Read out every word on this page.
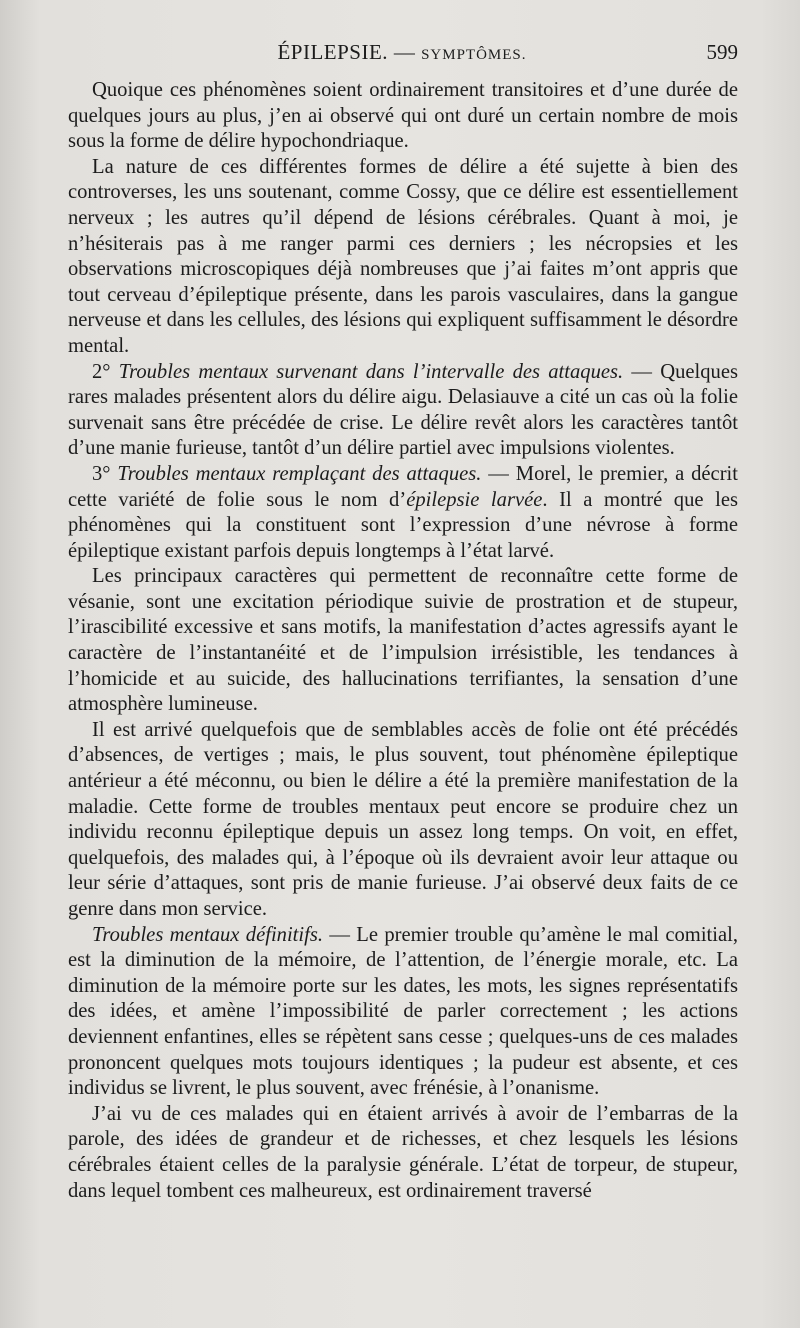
ÉPILEPSIE. — SYMPTÔMES.	599

Quoique ces phénomènes soient ordinairement transitoires et d’une durée de quelques jours au plus, j’en ai observé qui ont duré un certain nombre de mois sous la forme de délire hypochondriaque.

La nature de ces différentes formes de délire a été sujette à bien des controverses, les uns soutenant, comme Cossy, que ce délire est essentiellement nerveux ; les autres qu’il dépend de lésions cérébrales. Quant à moi, je n’hésiterais pas à me ranger parmi ces derniers ; les nécropsies et les observations microscopiques déjà nombreuses que j’ai faites m’ont appris que tout cerveau d’épileptique présente, dans les parois vasculaires, dans la gangue nerveuse et dans les cellules, des lésions qui expliquent suffisamment le désordre mental.

2° Troubles mentaux survenant dans l’intervalle des attaques. — Quelques rares malades présentent alors du délire aigu. Delasiauve a cité un cas où la folie survenait sans être précédée de crise. Le délire revêt alors les caractères tantôt d’une manie furieuse, tantôt d’un délire partiel avec impulsions violentes.

3° Troubles mentaux remplaçant des attaques. — Morel, le premier, a décrit cette variété de folie sous le nom d’épilepsie larvée. Il a montré que les phénomènes qui la constituent sont l’expression d’une névrose à forme épileptique existant parfois depuis longtemps à l’état larvé.

Les principaux caractères qui permettent de reconnaître cette forme de vésanie, sont une excitation périodique suivie de prostration et de stupeur, l’irascibilité excessive et sans motifs, la manifestation d’actes agressifs ayant le caractère de l’instantanéité et de l’impulsion irrésistible, les tendances à l’homicide et au suicide, des hallucinations terrifiantes, la sensation d’une atmosphère lumineuse.

Il est arrivé quelquefois que de semblables accès de folie ont été précédés d’absences, de vertiges ; mais, le plus souvent, tout phénomène épileptique antérieur a été méconnu, ou bien le délire a été la première manifestation de la maladie. Cette forme de troubles mentaux peut encore se produire chez un individu reconnu épileptique depuis un assez long temps. On voit, en effet, quelquefois, des malades qui, à l’époque où ils devraient avoir leur attaque ou leur série d’attaques, sont pris de manie furieuse. J’ai observé deux faits de ce genre dans mon service.

Troubles mentaux définitifs. — Le premier trouble qu’amène le mal comitial, est la diminution de la mémoire, de l’attention, de l’énergie morale, etc. La diminution de la mémoire porte sur les dates, les mots, les signes représentatifs des idées, et amène l’impossibilité de parler correctement ; les actions deviennent enfantines, elles se répètent sans cesse ; quelques-uns de ces malades prononcent quelques mots toujours identiques ; la pudeur est absente, et ces individus se livrent, le plus souvent, avec frénésie, à l’onanisme.

J’ai vu de ces malades qui en étaient arrivés à avoir de l’embarras de la parole, des idées de grandeur et de richesses, et chez lesquels les lésions cérébrales étaient celles de la paralysie générale. L’état de torpeur, de stupeur, dans lequel tombent ces malheureux, est ordinairement traversé
